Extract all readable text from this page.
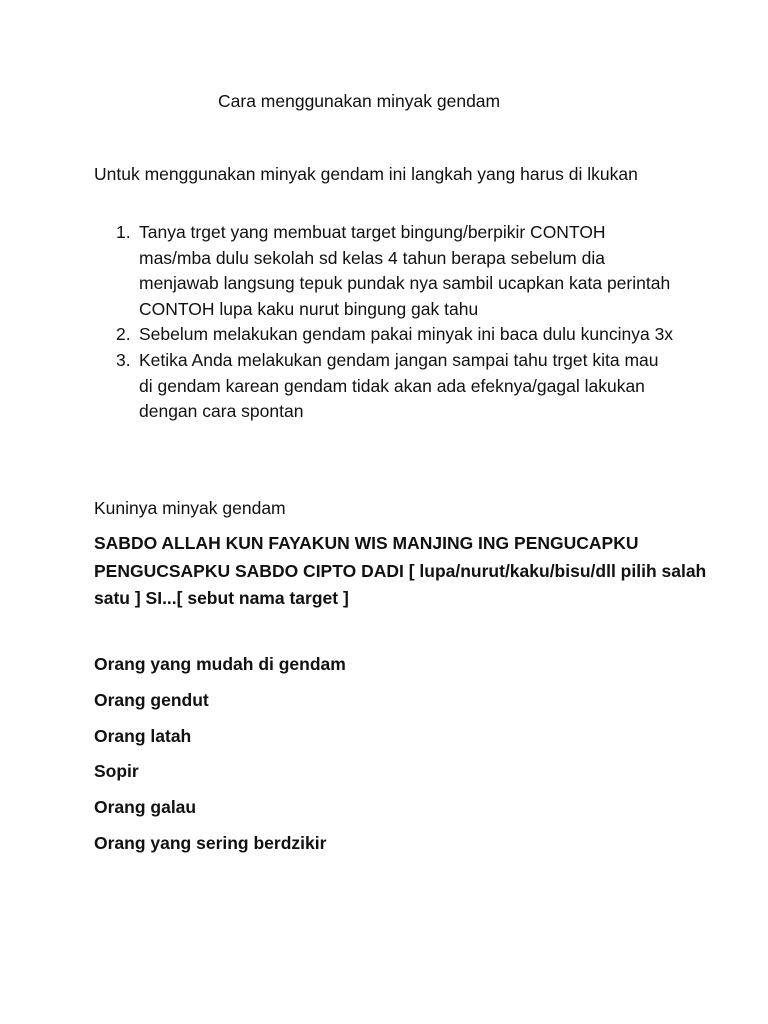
Cara menggunakan minyak gendam
Untuk menggunakan minyak gendam ini langkah yang harus di lkukan
1. Tanya trget yang membuat target bingung/berpikir CONTOH mas/mba dulu sekolah sd kelas 4 tahun berapa sebelum dia menjawab langsung tepuk pundak nya sambil ucapkan kata perintah CONTOH lupa kaku nurut bingung gak tahu
2. Sebelum melakukan gendam pakai minyak ini baca dulu kuncinya 3x
3. Ketika Anda melakukan gendam jangan sampai tahu trget kita mau di gendam karean gendam tidak akan ada efeknya/gagal lakukan dengan cara spontan
Kuninya minyak gendam
SABDO ALLAH KUN FAYAKUN WIS MANJING ING PENGUCAPKU PENGUCSAPKU SABDO CIPTO DADI [ lupa/nurut/kaku/bisu/dll pilih salah satu ] SI...[ sebut nama target ]
Orang yang mudah di gendam
Orang gendut
Orang latah
Sopir
Orang galau
Orang yang sering berdzikir
